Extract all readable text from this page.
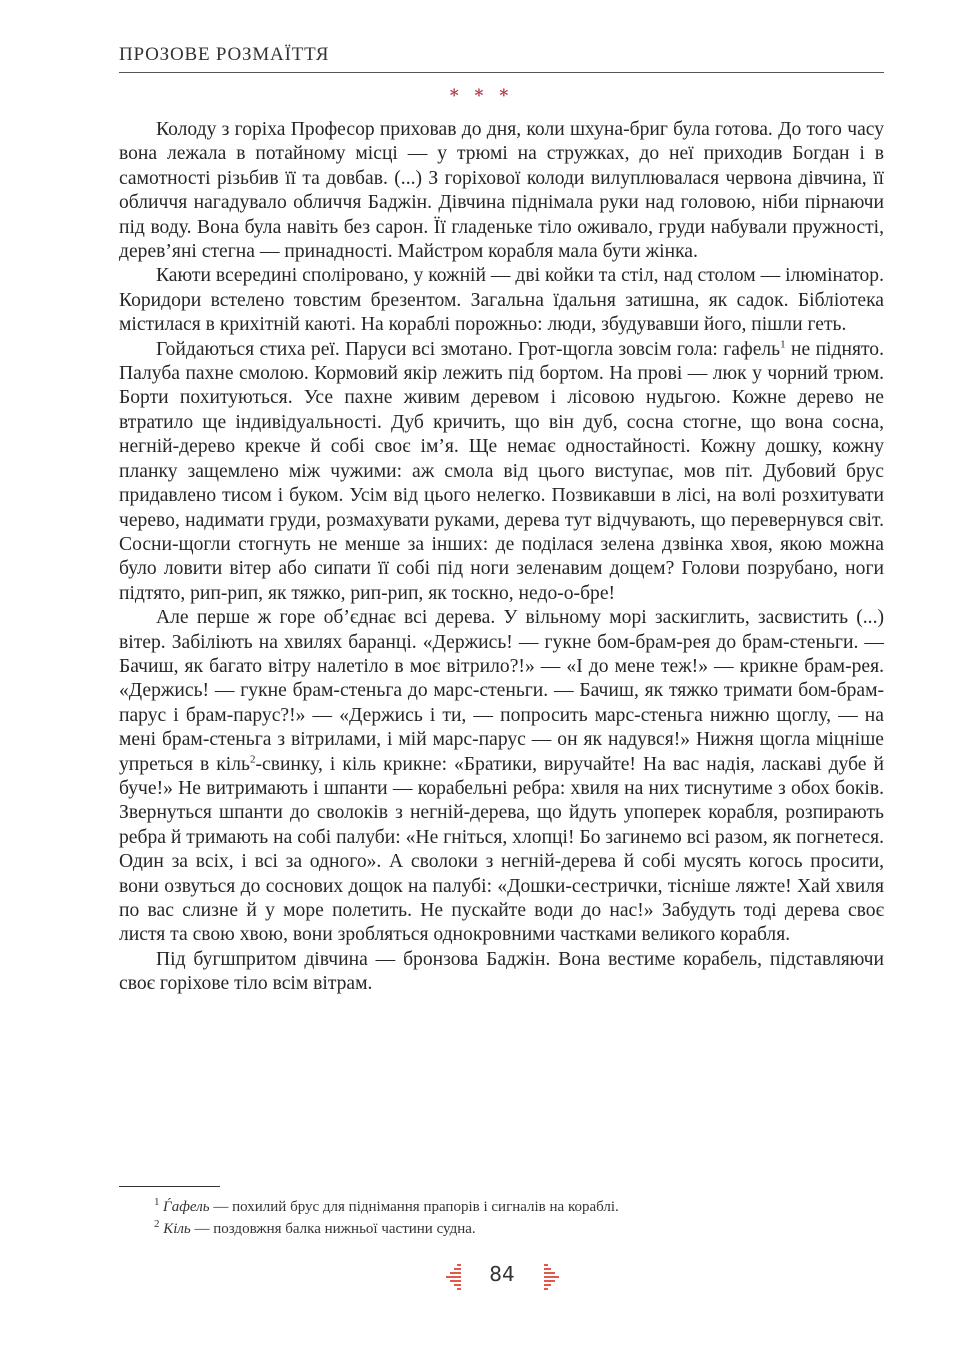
ПРОЗОВЕ РОЗМАЇТТЯ
* * *

Колоду з горіха Професор приховав до дня, коли шхуна-бриг була готова. До того часу вона лежала в потайному місці — у трюмі на стружках, до неї приходив Богдан і в самотності різьбив її та довбав. (...) З горіхової колоди вилуплювалася червона дівчина, її обличчя нагадувало обличчя Баджін. Дівчина піднімала руки над головою, ніби пірнаючи під воду. Вона була навіть без сарон. Її гладеньке тіло оживало, груди набували пружності, дерев’яні стегна — принадності. Майстром корабля мала бути жінка.

Каюти всередині споліровано, у кожній — дві койки та стіл, над столом — ілюмінатор. Коридори встелено товстим брезентом. Загальна їдальня затишна, як садок. Бібліотека містилася в крихітній каюті. На кораблі порожньо: люди, збудувавши його, пішли геть.

Гойдаються стиха реї. Паруси всі змотано. Грот-щогла зовсім гола: гафель$^1$ не піднято. Палуба пахне смолою. Кормовий якір лежить під бортом. На прові — люк у чорний трюм. Борти похитуються. Усе пахне живим деревом і лісовою нудьгою. Кожне дерево не втратило ще індивідуальності. Дуб кричить, що він дуб, сосна стогне, що вона сосна, негній-дерево крекче й собі своє ім’я. Ще немає одностайності. Кожну дошку, кожну планку защемлено між чужими: аж смола від цього виступає, мов піт. Дубовий брус придавлено тисом і буком. Усім від цього нелегко. Позвикавши в лісі, на волі розхитувати черево, надимати груди, розмахувати руками, дерева тут відчувають, що перевернувся світ. Сосни-щогли стогнуть не менше за інших: де поділася зелена дзвінка хвоя, якою можна було ловити вітер або сипати її собі під ноги зеленавим дощем? Голови позрубано, ноги підтято, рип-рип, як тяжко, рип-рип, як тоскно, недо-о-бре!

Але перше ж горе об’єднає всі дерева. У вільному морі заскиглить, засвистить (...) вітер. Забіліють на хвилях баранці. «Держись! — гукне бом-брам-рея до брам-стеньги. — Бачиш, як багато вітру налетіло в моє вітрило?!» — «І до мене теж!» — крикне брам-рея. «Держись! — гукне брам-стеньга до марс-стеньги. — Бачиш, як тяжко тримати бом-брам-парус і брам-парус?!» — «Держись і ти, — попросить марс-стеньга нижню щоглу, — на мені брам-стеньга з вітрилами, і мій марс-парус — он як надувся!» Нижня щогла міцніше упреться в кіль$^2$-свинку, і кіль крикне: «Братики, виручайте! На вас надія, ласкаві дубе й буче!» Не витримають і шпанти — корабельні ребра: хвиля на них тиснутиме з обох боків. Звернуться шпанти до сволоків з негній-дерева, що йдуть упоперек корабля, розпирають ребра й тримають на собі палуби: «Не гніться, хлопці! Бо загинемо всі разом, як погнетеся. Один за всіх, і всі за одного». А сволоки з негній-дерева й собі мусять когось просити, вони озвуться до соснових дощок на палубі: «Дошки-сестрички, тісніше ляжте! Хай хвиля по вас слизне й у море полетить. Не пускайте води до нас!» Забудуть тоді дерева своє листя та свою хвою, вони зробляться однокровними частками великого корабля.

Під бугшпритом дівчина — бронзова Баджін. Вона вестиме корабель, підставляючи своє горіхове тіло всім вітрам.

$^1$ Ѓафель — похилий брус для піднімання прапорів і сигналів на кораблі.
$^2$ Кіль — поздовжня балка нижньої частини судна.
84
